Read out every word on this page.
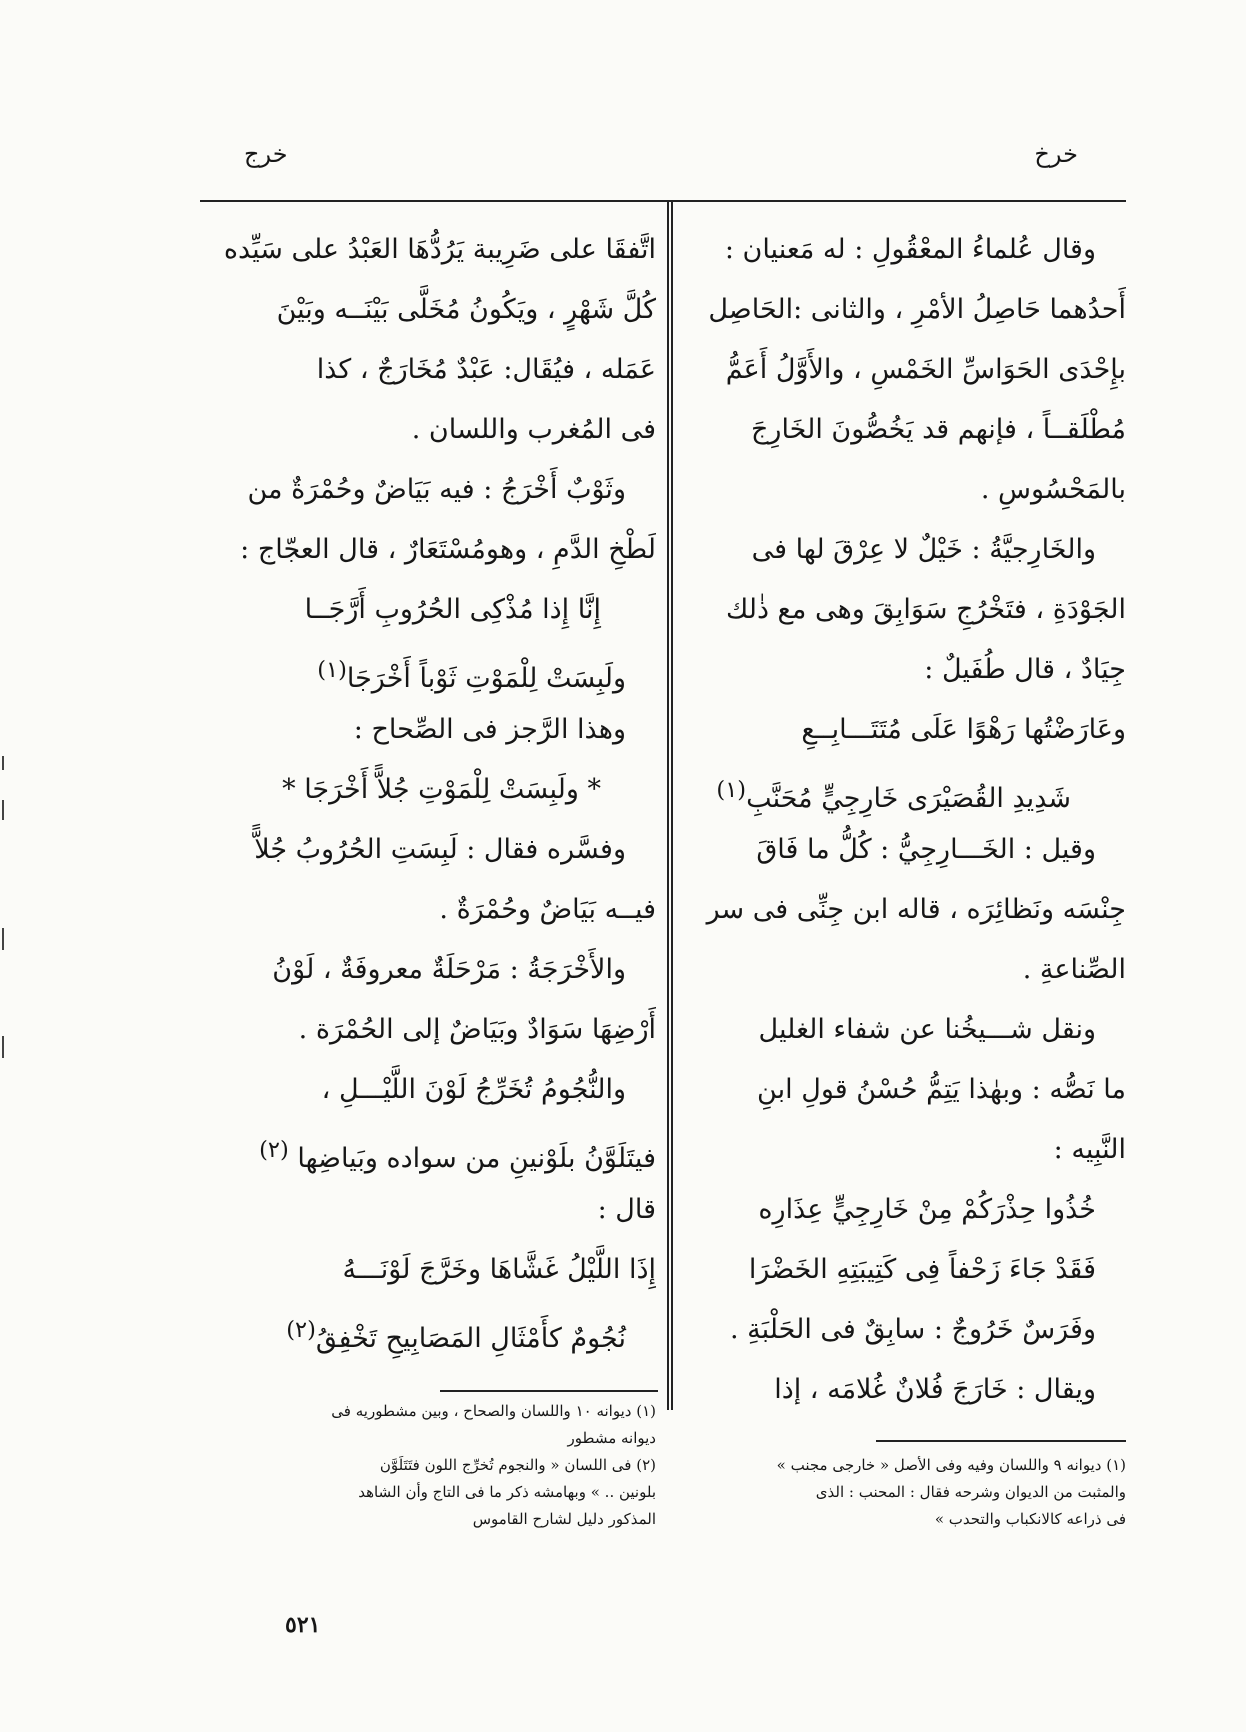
خرخ
خرج
وقال عُلماءُ المعْقُولِ : له مَعنيان :
أَحدُهما حَاصِلُ الأمْرِ ، والثانى :الحَاصِل
بإِحْدَى الحَوَاسِّ الخَمْسِ ، والأَوَّلُ أَعَمُّ
مُطْلَقــاً ، فإنهم قد يَخُصُّونَ الخَارِجَ
بالمَحْسُوسِ .
والخَارِجيَّةُ : خَيْلٌ لا عِرْقَ لها فى
الجَوْدَةِ ، فتَخْرُجِ سَوَابِقَ وهى مع ذٰلك
جِيَادٌ ، قال طُفَيلٌ :
وعَارَضْتُها رَهْوًا عَلَى مُتَتَـــابِــعِ
شَدِيدِ القُصَيْرَى خَارِجِيٍّ مُحَنَّبِ$^{(١)}$
وقيل : الخَـــارِجِيُّ : كُلُّ ما فَاقَ
جِنْسَه ونَظائِرَه ، قاله ابن جِنِّى فى سر
الصِّناعةِ .
ونقل شـــيخُنا عن شفاء الغليل
ما نَصُّه : وبهٰذا يَتِمُّ حُسْنُ قولِ ابنِ
النَّبِيه :
خُذُوا حِذْرَكُمْ مِنْ خَارِجِيٍّ عِذَارِه
فَقَدْ جَاءَ زَحْفاً فِى كَتِيبَتِهِ الخَضْرَا
وفَرَسٌ خَرُوجٌ : سابِقٌ فى الحَلْبَةِ .
ويقال : خَارَجَ فُلانٌ غُلامَه ، إذا
اتَّفقَا على ضَرِيبة يَرُدُّهَا العَبْدُ على سَيِّده
كُلَّ شَهْرٍ ، ويَكُونُ مُخَلَّى بَيْنَــه وبَيْنَ
عَمَله ، فيُقَال: عَبْدٌ مُخَارَجٌ ، كذا
فى المُغرب واللسان .
وثَوْبٌ أَخْرَجُ : فيه بَيَاضٌ وحُمْرَةٌ من
لَطْخِ الدَّمِ ، وهومُسْتَعَارٌ ، قال العجّاج :
إِنَّا إِذا مُذْكِى الحُرُوبِ أَرَّجَــا
ولَبِسَتْ لِلْمَوْتِ ثَوْباً أَخْرَجَا$^{(١)}$
وهذا الرَّجز فى الصِّحاح :
* ولَبِسَتْ لِلْمَوْتِ جُلاًّ أَخْرَجَا *
وفسَّره فقال : لَبِسَتِ الحُرُوبُ جُلاًّ
فيــه بَيَاضٌ وحُمْرَةٌ .
والأَخْرَجَةُ : مَرْحَلَةٌ معروفَةٌ ، لَوْنُ
أَرْضِهَا سَوَادٌ وبَيَاضٌ إلى الحُمْرَة .
والنُّجُومُ تُخَرِّجُ لَوْنَ اللَّيْـــلِ ،
فيتَلَوَّنُ بلَوْنينِ من سواده وبَياضِها $^{(٢)}$
قال :
إِذَا اللَّيْلُ غَشَّاهَا وخَرَّجَ لَوْنَـــهُ
نُجُومٌ كأَمْثَالِ المَصَابِيحِ تَخْفِقُ$^{(٢)}$
(١) ديوانه ٩ واللسان وفيه وفى الأصل « خارجى مجنب »
والمثبت من الديوان وشرحه فقال : المحنب : الذى
فى ذراعه كالانكباب والتحدب »
(١) ديوانه ١٠ واللسان والصحاح ، وبين مشطوريه فى
ديوانه مشطور
(٢) فى اللسان « والنجوم تُخرِّج اللون فتَتَلَوَّن
بلونين .. » وبهامشه ذكر ما فى التاج وأن الشاهد
المذكور دليل لشارح القاموس
٥٢١
